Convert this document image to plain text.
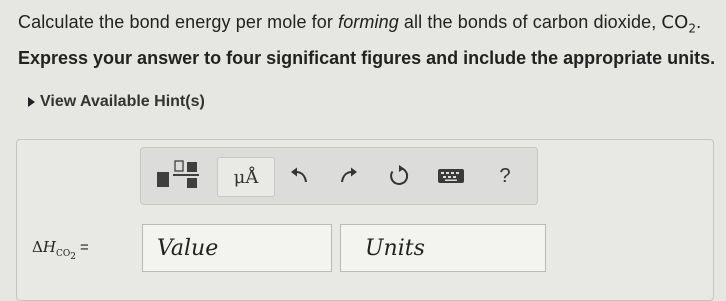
Calculate the bond energy per mole for forming all the bonds of carbon dioxide, $CO_2$.
Express your answer to four significant figures and include the appropriate units.
View Available Hint(s)
μÅ	?
$\Delta H_{CO_2}=$	Value	Units
